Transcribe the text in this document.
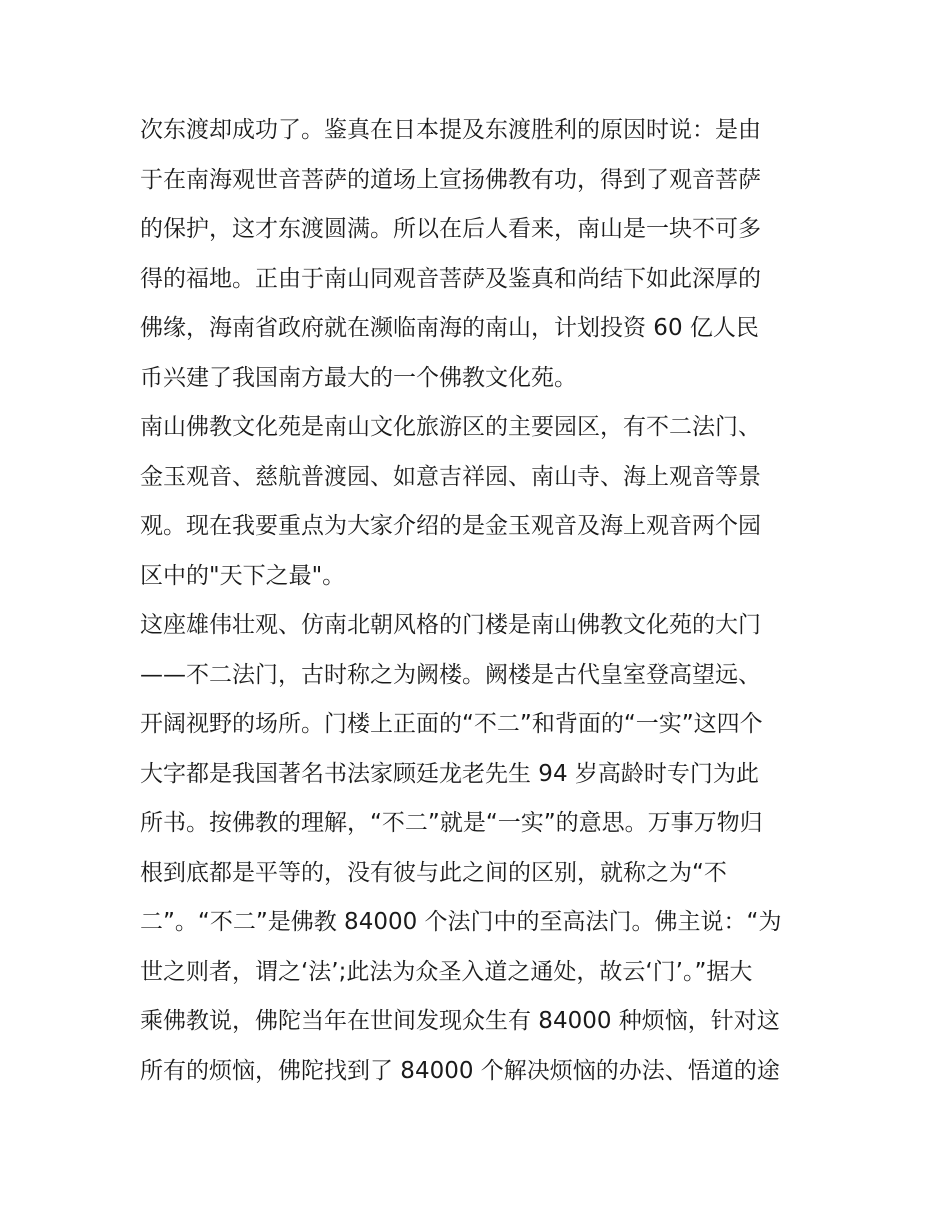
次东渡却成功了。鉴真在日本提及东渡胜利的原因时说：是由
于在南海观世音菩萨的道场上宣扬佛教有功，得到了观音菩萨
的保护，这才东渡圆满。所以在后人看来，南山是一块不可多
得的福地。正由于南山同观音菩萨及鉴真和尚结下如此深厚的
佛缘，海南省政府就在濒临南海的南山，计划投资 60 亿人民
币兴建了我国南方最大的一个佛教文化苑。
南山佛教文化苑是南山文化旅游区的主要园区，有不二法门、
金玉观音、慈航普渡园、如意吉祥园、南山寺、海上观音等景
观。现在我要重点为大家介绍的是金玉观音及海上观音两个园
区中的"天下之最"。
这座雄伟壮观、仿南北朝风格的门楼是南山佛教文化苑的大门
——不二法门，古时称之为阙楼。阙楼是古代皇室登高望远、
开阔视野的场所。门楼上正面的“不二”和背面的“一实”这四个
大字都是我国著名书法家顾廷龙老先生 94 岁高龄时专门为此
所书。按佛教的理解，“不二”就是“一实”的意思。万事万物归
根到底都是平等的，没有彼与此之间的区别，就称之为“不
二”。“不二”是佛教 84000 个法门中的至高法门。佛主说：“为
世之则者，谓之‘法’;此法为众圣入道之通处，故云‘门’。”据大
乘佛教说，佛陀当年在世间发现众生有 84000 种烦恼，针对这
所有的烦恼，佛陀找到了 84000 个解决烦恼的办法、悟道的途
